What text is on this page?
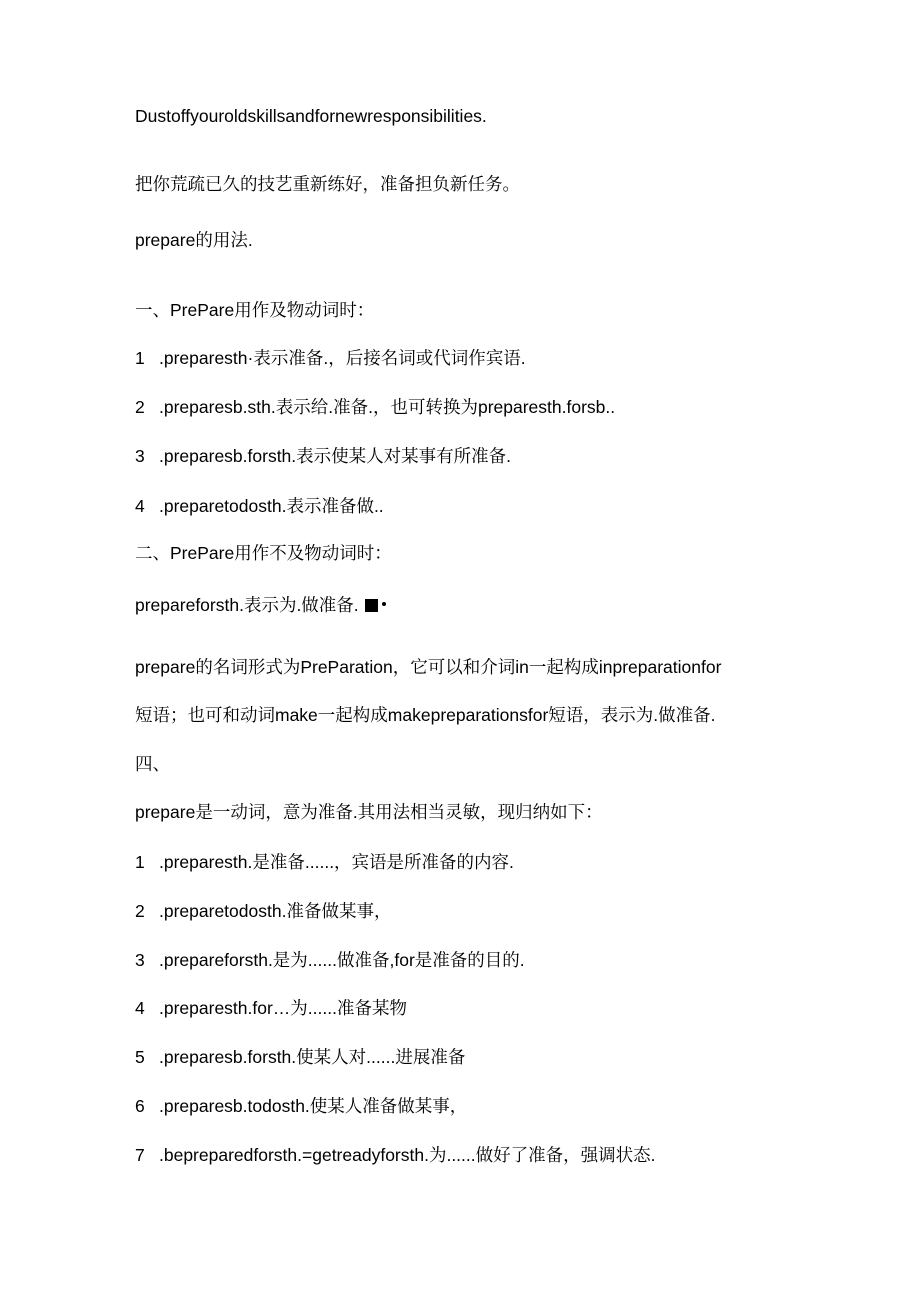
Dustoffyouroldskillsandfornewresponsibilities.
把你荒疏已久的技艺重新练好，准备担负新任务。
prepare的用法.
一、PrePare用作及物动词时：
1 .preparesth·表示准备.，后接名词或代词作宾语.
2 .preparesb.sth.表示给.准备.，也可转换为preparesth.forsb..
3 .preparesb.forsth.表示使某人对某事有所准备.
4 .preparetodosth.表示准备做..
二、PrePare用作不及物动词时：
prepareforsth.表示为.做准备.
prepare的名词形式为PreParation，它可以和介词in一起构成inpreparationfor
短语；也可和动词make一起构成makepreparationsfor短语，表示为.做准备.
四、
prepare是一动词，意为准备.其用法相当灵敏，现归纳如下：
1 .preparesth.是准备......，宾语是所准备的内容.
2 .preparetodosth.准备做某事，
3 .prepareforsth.是为......做准备,for是准备的目的.
4 .preparesth.for…为......准备某物
5 .preparesb.forsth.使某人对......进展准备
6 .preparesb.todosth.使某人准备做某事，
7 .bepreparedforsth.=getreadyforsth.为......做好了准备，强调状态.
